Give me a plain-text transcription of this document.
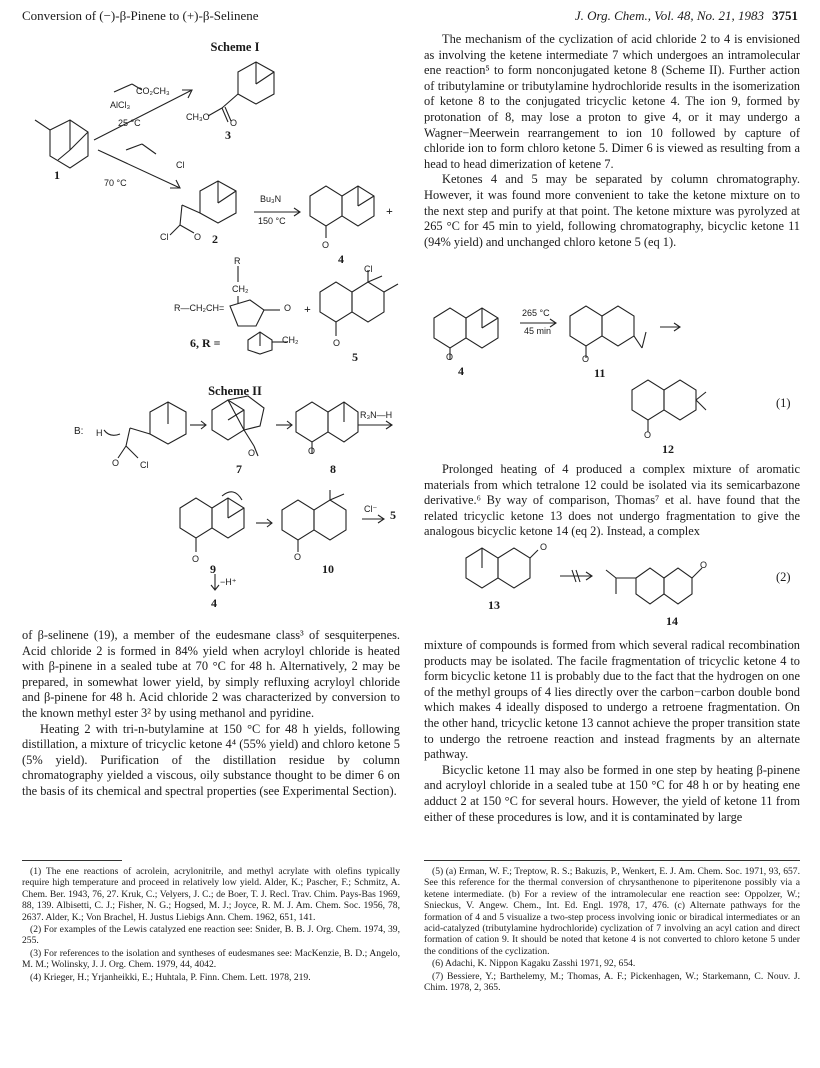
Conversion of (−)-β-Pinene to (+)-β-Selinene	J. Org. Chem., Vol. 48, No. 21, 1983 3751
Scheme I
1
CO₂CH₃
AlCl₃
25 °C
CH₃O
O
3
Cl
70 °C
Cl	O 2
Bu₃N
150 °C
O
4
+
R
CH₂
R—CH₂CH=	O +
6, R =	CH₂
Cl
O
5
Scheme II
B: H
O Cl
O
7
O
8
R₃N—H
O
9
O
10
Cl⁻ 5
−H⁺
4

of β-selinene (19), a member of the eudesmane class³ of sesquiterpenes. Acid chloride 2 is formed in 84% yield when acryloyl chloride is heated with β-pinene in a sealed tube at 70 °C for 48 h. Alternatively, 2 may be prepared, in somewhat lower yield, by simply refluxing acryloyl chloride and β-pinene for 48 h. Acid chloride 2 was characterized by conversion to the known methyl ester 3² by using methanol and pyridine.

Heating 2 with tri-n-butylamine at 150 °C for 48 h yields, following distillation, a mixture of tricyclic ketone 4⁴ (55% yield) and chloro ketone 5 (5% yield). Purification of the distillation residue by column chromatography yielded a viscous, oily substance thought to be dimer 6 on the basis of its chemical and spectral properties (see Experimental Section).

The mechanism of the cyclization of acid chloride 2 to 4 is envisioned as involving the ketene intermediate 7 which undergoes an intramolecular ene reaction⁵ to form nonconjugated ketone 8 (Scheme II). Further action of tributylamine or tributylamine hydrochloride results in the isomerization of ketone 8 to the conjugated tricyclic ketone 4. The ion 9, formed by protonation of 8, may lose a proton to give 4, or it may undergo a Wagner−Meerwein rearrangement to ion 10 followed by capture of chloride ion to form chloro ketone 5. Dimer 6 is viewed as resulting from a head to head dimerization of ketene 7.

Ketones 4 and 5 may be separated by column chromatography. However, it was found more convenient to take the ketone mixture on to the next step and purify at that point. The ketone mixture was pyrolyzed at 265 °C for 45 min to yield, following chromatography, bicyclic ketone 11 (94% yield) and unchanged chloro ketone 5 (eq 1).

O
4
265 °C
45 min
O
11
O
12
(1)

Prolonged heating of 4 produced a complex mixture of aromatic materials from which tetralone 12 could be isolated via its semicarbazone derivative.⁶ By way of comparison, Thomas⁷ et al. have found that the related tricyclic ketone 13 does not undergo fragmentation to give the analogous bicyclic ketone 14 (eq 2). Instead, a complex

O
13
O
14
(2)

mixture of compounds is formed from which several radical recombination products may be isolated. The facile fragmentation of tricyclic ketone 4 to form bicyclic ketone 11 is probably due to the fact that the hydrogen on one of the methyl groups of 4 lies directly over the carbon−carbon double bond which makes 4 ideally disposed to undergo a retroene fragmentation. On the other hand, tricyclic ketone 13 cannot achieve the proper transition state to undergo the retroene reaction and instead fragments by an alternate pathway.

Bicyclic ketone 11 may also be formed in one step by heating β-pinene and acryloyl chloride in a sealed tube at 150 °C for 48 h or by heating ene adduct 2 at 150 °C for several hours. However, the yield of ketone 11 from either of these procedures is low, and it is contaminated by large

(1) The ene reactions of acrolein, acrylonitrile, and methyl acrylate with olefins typically require high temperature and proceed in relatively low yield. Alder, K.; Pascher, F.; Schmitz, A. Chem. Ber. 1943, 76, 27. Kruk, C.; Velyers, J. C.; de Boer, T. J. Recl. Trav. Chim. Pays-Bas 1969, 88, 139. Albisetti, C. J.; Fisher, N. G.; Hogsed, M. J.; Joyce, R. M. J. Am. Chem. Soc. 1956, 78, 2637. Alder, K.; Von Brachel, H. Justus Liebigs Ann. Chem. 1962, 651, 141.

(2) For examples of the Lewis catalyzed ene reaction see: Snider, B. B. J. Org. Chem. 1974, 39, 255.

(3) For references to the isolation and syntheses of eudesmanes see: MacKenzie, B. D.; Angelo, M. M.; Wolinsky, J. J. Org. Chem. 1979, 44, 4042.

(4) Krieger, H.; Yrjanheikki, E.; Huhtala, P. Finn. Chem. Lett. 1978, 219.

(5) (a) Erman, W. F.; Treptow, R. S.; Bakuzis, P., Wenkert, E. J. Am. Chem. Soc. 1971, 93, 657. See this reference for the thermal conversion of chrysanthenone to piperitenone possibly via a ketene intermediate. (b) For a review of the intramolecular ene reaction see: Oppolzer, W.; Snieckus, V. Angew. Chem., Int. Ed. Engl. 1978, 17, 476. (c) Alternate pathways for the formation of 4 and 5 visualize a two-step process involving ionic or biradical intermediates or an acid-catalyzed (tributylamine hydrochloride) cyclization of 7 involving an acyl cation and direct formation of cation 9. It should be noted that ketone 4 is not converted to chloro ketone 5 under the conditions of the cyclization.

(6) Adachi, K. Nippon Kagaku Zasshi 1971, 92, 654.

(7) Bessiere, Y.; Barthelemy, M.; Thomas, A. F.; Pickenhagen, W.; Starkemann, C. Nouv. J. Chim. 1978, 2, 365.
